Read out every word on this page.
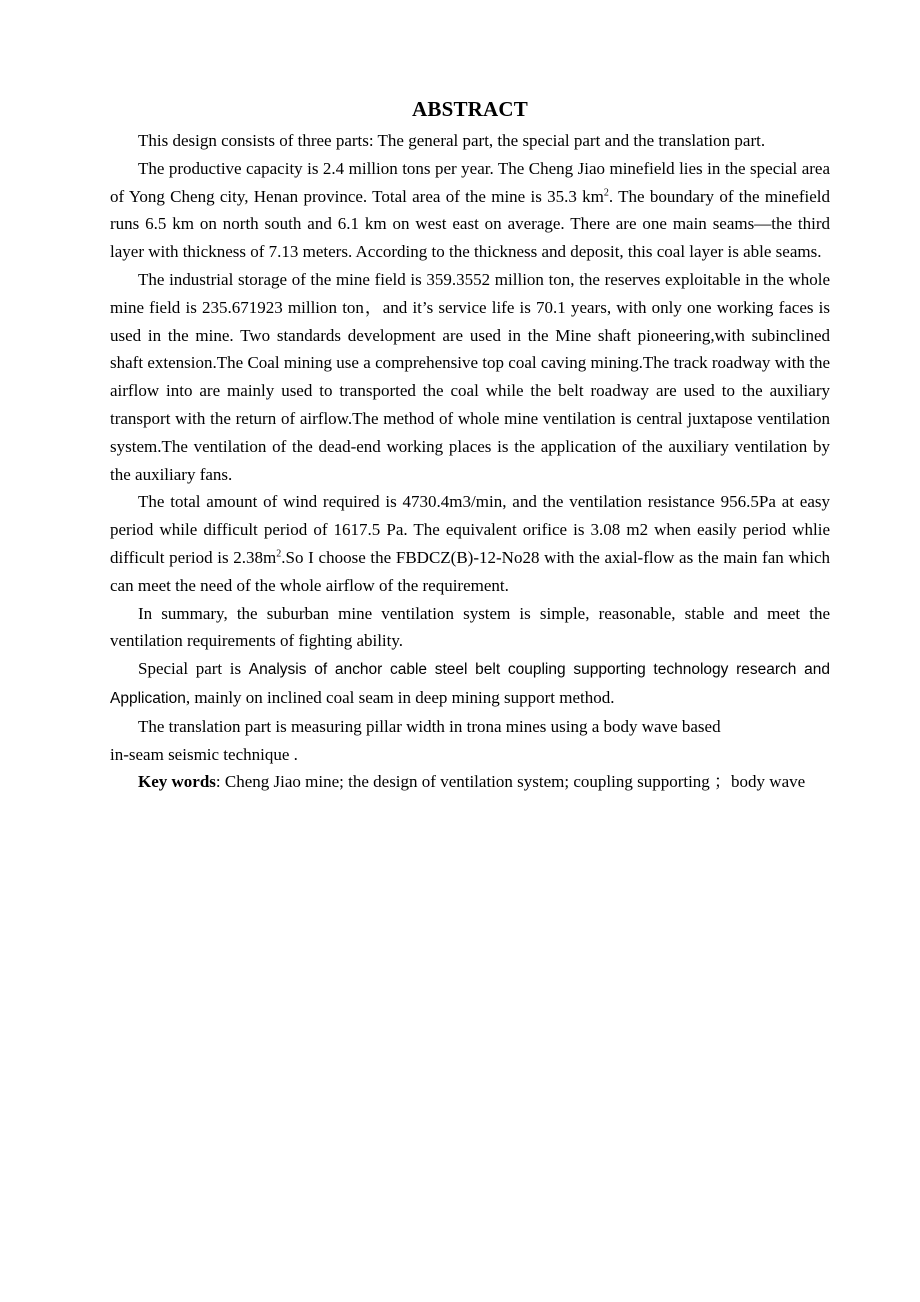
ABSTRACT

This design consists of three parts: The general part, the special part and the translation part.

The productive capacity is 2.4 million tons per year. The Cheng Jiao minefield lies in the special area of Yong Cheng city, Henan province. Total area of the mine is 35.3 $km^2$. The boundary of the minefield runs 6.5 km on north south and 6.1 km on west east on average. There are one main seams—the third layer with thickness of 7.13 meters. According to the thickness and deposit, this coal layer is able seams.

The industrial storage of the mine field is 359.3552 million ton, the reserves exploitable in the whole mine field is 235.671923 million ton，and it’s service life is 70.1 years, with only one working faces is used in the mine. Two standards development are used in the Mine shaft pioneering,with subinclined shaft extension.The Coal mining use a comprehensive top coal caving mining.The track roadway with the airflow into are mainly used to transported the coal while the belt roadway are used to the auxiliary transport with the return of airflow.The method of whole mine ventilation is central juxtapose ventilation system.The ventilation of the dead-end working places is the application of the auxiliary ventilation by the auxiliary fans.

The total amount of wind required is 4730.4m3/min, and the ventilation resistance 956.5Pa at easy period while difficult period of 1617.5 Pa. The equivalent orifice is 3.08 m2 when easily period whlie difficult period is $2.38m^2.So$ I choose the FBDCZ(B)-12-No28 with the axial-flow as the main fan which can meet the need of the whole airflow of the requirement.

In summary, the suburban mine ventilation system is simple, reasonable, stable and meet the ventilation requirements of fighting ability.

Special part is Analysis of anchor cable steel belt coupling supporting technology research and Application, mainly on inclined coal seam in deep mining support method.

The translation part is measuring pillar width in trona mines using a body wave based
in-seam seismic technique .

Key words: Cheng Jiao mine; the design of ventilation system; coupling supporting ；body wave
